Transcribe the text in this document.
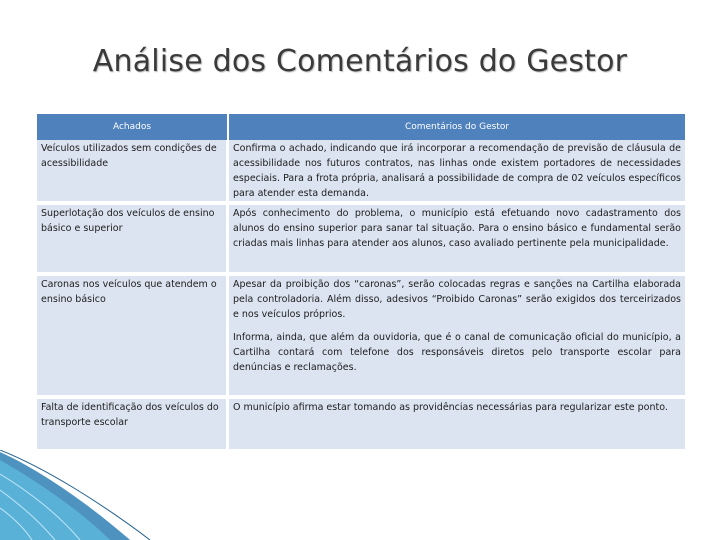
Análise dos Comentários do Gestor
Achados	Comentários do Gestor
Veículos utilizados sem condições de acessibilidade	Confirma o achado, indicando que irá incorporar a recomendação de previsão de cláusula de acessibilidade nos futuros contratos, nas linhas onde existem portadores de necessidades especiais. Para a frota própria, analisará a possibilidade de compra de 02 veículos específicos para atender esta demanda.

Superlotação dos veículos de ensino básico e superior	Após conhecimento do problema, o município está efetuando novo cadastramento dos alunos do ensino superior para sanar tal situação. Para o ensino básico e fundamental serão criadas mais linhas para atender aos alunos, caso avaliado pertinente pela municipalidade.

Caronas nos veículos que atendem o ensino básico	Apesar da proibição dos “caronas”, serão colocadas regras e sanções na Cartilha elaborada pela controladoria. Além disso, adesivos “Proibido Caronas” serão exigidos dos terceirizados e nos veículos próprios.

Informa, ainda, que além da ouvidoria, que é o canal de comunicação oficial do município, a Cartilha contará com telefone dos responsáveis diretos pelo transporte escolar para denúncias e reclamações.

Falta de identificação dos veículos do transporte escolar	O município afirma estar tomando as providências necessárias para regularizar este ponto.
